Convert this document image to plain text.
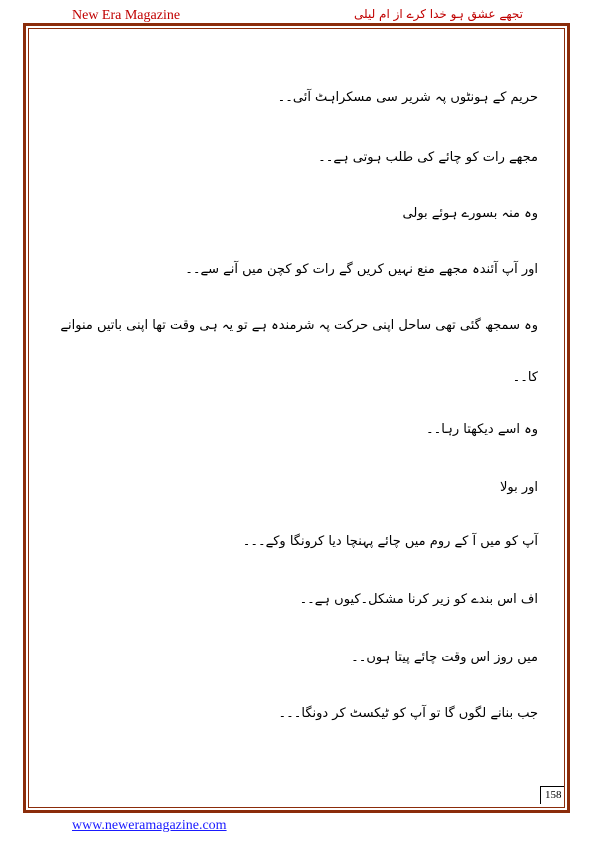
New Era Magazine	تجھے عشق ہو خدا کرے از ام لیلی
حریم کے ہونٹوں پہ شریر سی مسکراہٹ آئی۔۔
مجھے رات کو چائے کی طلب ہوتی ہے۔۔
وہ منہ بسورے ہوئے بولی
اور آپ آئندہ مجھے منع نہیں کریں گے رات کو کچن میں آنے سے۔۔
وہ سمجھ گئی تھی ساحل اپنی حرکت پہ شرمندہ ہے تو یہ ہی وقت تھا اپنی باتیں منوانے کا۔۔
وہ اسے دیکھتا رہا۔۔
اور بولا
آپ کو میں آ کے روم میں چائے پہنچا دیا کرونگا وکے۔۔۔
اف اس بندے کو زیر کرنا مشکل۔کیوں ہے۔۔
میں روز اس وقت چائے پیتا ہوں۔۔
جب بنانے لگوں گا تو آپ کو ٹیکسٹ کر دونگا۔۔۔
158
www.neweramagazine.com
